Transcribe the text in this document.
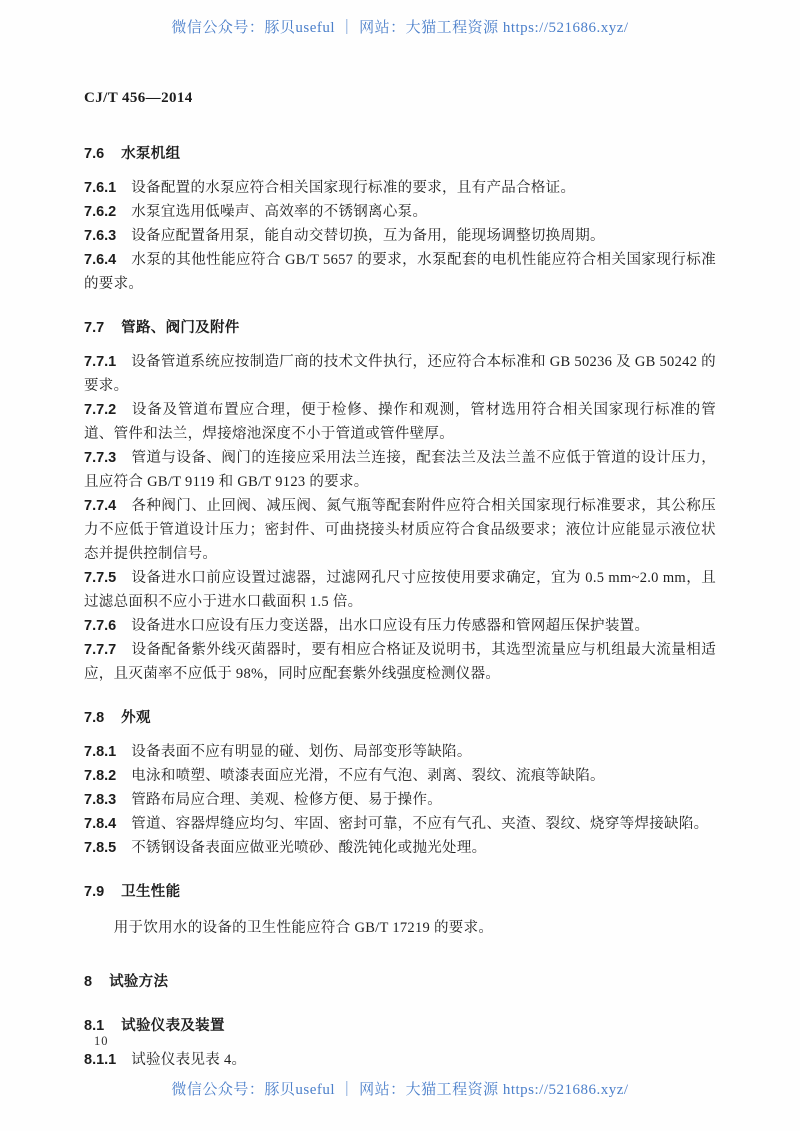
微信公众号：豚贝useful ｜ 网站：大猫工程资源 https://521686.xyz/
CJ/T 456—2014
7.6 水泵机组
7.6.1 设备配置的水泵应符合相关国家现行标准的要求，且有产品合格证。
7.6.2 水泵宜选用低噪声、高效率的不锈钢离心泵。
7.6.3 设备应配置备用泵，能自动交替切换，互为备用，能现场调整切换周期。
7.6.4 水泵的其他性能应符合 GB/T 5657 的要求，水泵配套的电机性能应符合相关国家现行标准的要求。
7.7 管路、阀门及附件
7.7.1 设备管道系统应按制造厂商的技术文件执行，还应符合本标准和 GB 50236 及 GB 50242 的要求。
7.7.2 设备及管道布置应合理，便于检修、操作和观测，管材选用符合相关国家现行标准的管道、管件和法兰，焊接熔池深度不小于管道或管件壁厚。
7.7.3 管道与设备、阀门的连接应采用法兰连接，配套法兰及法兰盖不应低于管道的设计压力，且应符合 GB/T 9119 和 GB/T 9123 的要求。
7.7.4 各种阀门、止回阀、减压阀、氮气瓶等配套附件应符合相关国家现行标准要求，其公称压力不应低于管道设计压力；密封件、可曲挠接头材质应符合食品级要求；液位计应能显示液位状态并提供控制信号。
7.7.5 设备进水口前应设置过滤器，过滤网孔尺寸应按使用要求确定，宜为 0.5 mm~2.0 mm，且过滤总面积不应小于进水口截面积 1.5 倍。
7.7.6 设备进水口应设有压力变送器，出水口应设有压力传感器和管网超压保护装置。
7.7.7 设备配备紫外线灭菌器时，要有相应合格证及说明书，其选型流量应与机组最大流量相适应，且灭菌率不应低于 98%，同时应配套紫外线强度检测仪器。
7.8 外观
7.8.1 设备表面不应有明显的碰、划伤、局部变形等缺陷。
7.8.2 电泳和喷塑、喷漆表面应光滑，不应有气泡、剥离、裂纹、流痕等缺陷。
7.8.3 管路布局应合理、美观、检修方便、易于操作。
7.8.4 管道、容器焊缝应均匀、牢固、密封可靠，不应有气孔、夹渣、裂纹、烧穿等焊接缺陷。
7.8.5 不锈钢设备表面应做亚光喷砂、酸洗钝化或抛光处理。
7.9 卫生性能
用于饮用水的设备的卫生性能应符合 GB/T 17219 的要求。
8 试验方法
8.1 试验仪表及装置
8.1.1 试验仪表见表 4。
10
微信公众号：豚贝useful ｜ 网站：大猫工程资源 https://521686.xyz/
